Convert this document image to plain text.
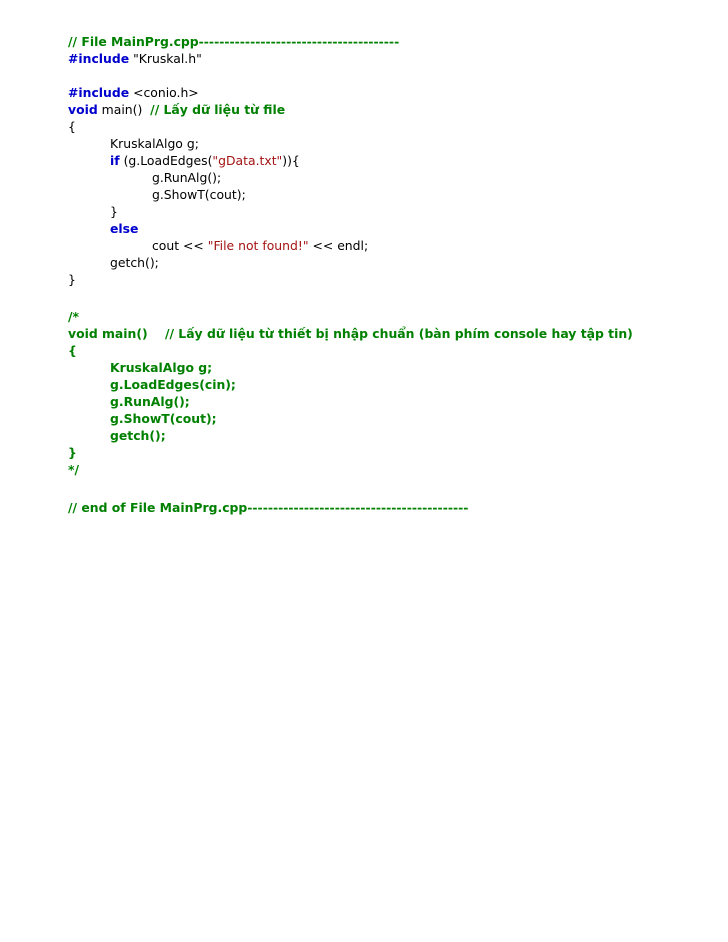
// File MainPrg.cpp---------------------------------------
#include "Kruskal.h"
#include <conio.h>
void main()  // Lấy dữ liệu từ file
{
KruskalAlgo g;
if (g.LoadEdges("gData.txt")){
g.RunAlg();
g.ShowT(cout);
}
else
cout << "File not found!" << endl;
getch();
}
/*
void main()    // Lấy dữ liệu từ thiết bị nhập chuẩn (bàn phím console hay tập tin)
{
KruskalAlgo g;
g.LoadEdges(cin);
g.RunAlg();
g.ShowT(cout);
getch();
}
*/
// end of File MainPrg.cpp-------------------------------------------
